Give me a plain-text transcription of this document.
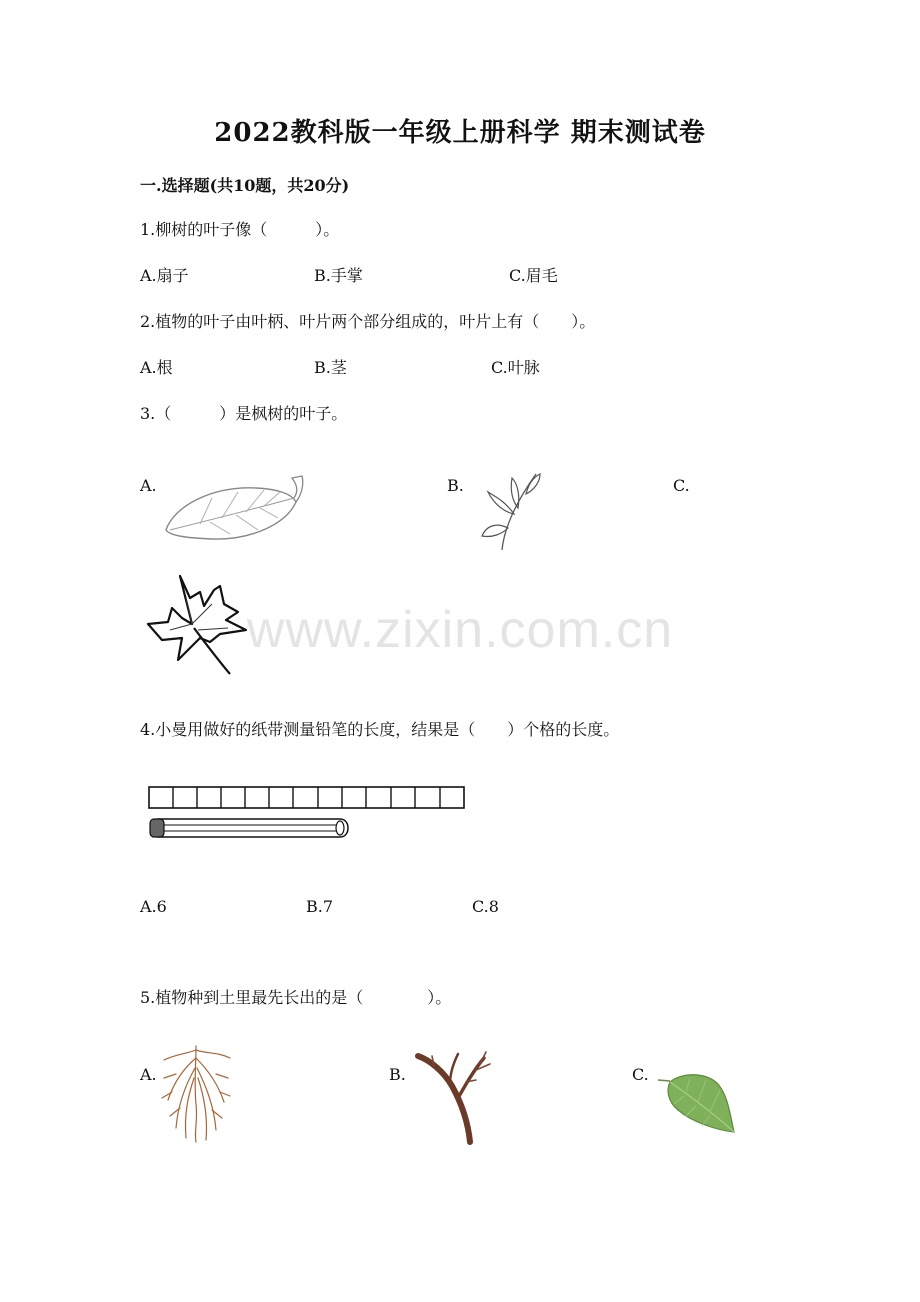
2022教科版一年级上册科学 期末测试卷
一.选择题(共10题，共20分)
1.柳树的叶子像（　　　）。
A.扇子	B.手掌	C.眉毛
2.植物的叶子由叶柄、叶片两个部分组成的，叶片上有（　　）。
A.根	B.茎	C.叶脉
3.（　　　）是枫树的叶子。
A.	B.	C.
www.zixin.com.cn
4.小曼用做好的纸带测量铅笔的长度，结果是（　　）个格的长度。
A.6	B.7	C.8
5.植物种到土里最先长出的是（　　　　）。
A.	B.	C.
